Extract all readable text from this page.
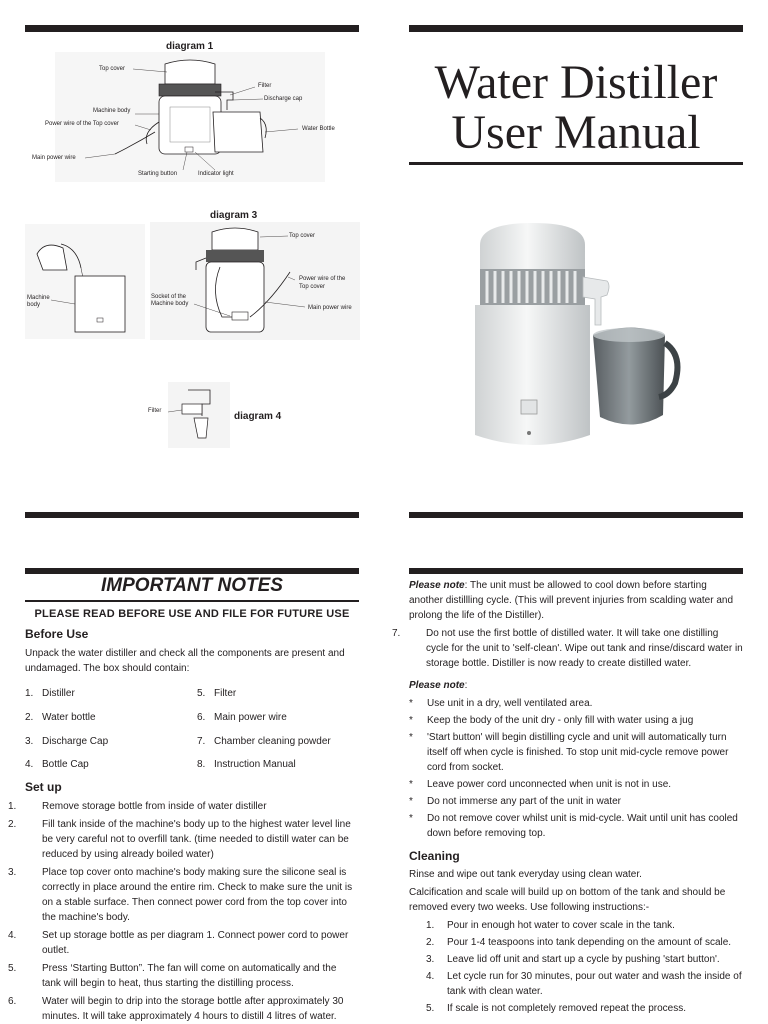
diagram 1
Top cover
Filter
Discharge cap
Machine body
Power wire of the Top cover
Water Bottle
Main power wire
Starting button	Indicator light
diagram 3
Top cover
Power wire of the
Top cover
Socket of the
Machine body
Main power wire
Machine
body
Filter	diagram 4
Water Distiller
User Manual
IMPORTANT NOTES
PLEASE READ BEFORE USE AND FILE FOR FUTURE USE
Before Use
Unpack the water distiller and check all the components are present and undamaged. The box should contain:
1. Distiller
2. Water bottle
3. Discharge Cap
4. Bottle Cap
5. Filter
6. Main power wire
7. Chamber cleaning powder
8. Instruction Manual
Set up
1.	Remove storage bottle from inside of water distiller
2.	Fill tank inside of the machine's body up to the highest water level line be very careful not to overfill tank. (time needed to distill water can be reduced by using already boiled water)
3.	Place top cover onto machine's body making sure the silicone seal is correctly in place around the entire rim. Check to make sure the unit is on a stable surface. Then connect power cord from the top cover into the machine's body.
4.	Set up storage bottle as per diagram 1. Connect power cord to power outlet.
5.	Press ‘Starting Button”. The fan will come on automatically and the tank will begin to heat, thus starting the distilling process.
6.	Water will begin to drip into the storage bottle after approximately 30 minutes. It will take approximately 4 hours to distill 4 litres of water.
Please note: The unit must be allowed to cool down before starting another distillling cycle. (This will prevent injuries from scalding water and prolong the life of the Distiller).
7.	Do not use the first bottle of distilled water. It will take one distilling cycle for the unit to 'self-clean'. Wipe out tank and rinse/discard water in storage bottle. Distiller is now ready to create distilled water.
Please note:
* Use unit in a dry, well ventilated area.
* Keep the body of the unit dry - only fill with water using a jug
* 'Start button' will begin distilling cycle and unit will automatically turn itself off when cycle is finished. To stop unit mid-cycle remove power cord from socket.
* Leave power cord unconnected when unit is not in use.
* Do not immerse any part of the unit in water
* Do not remove cover whilst unit is mid-cycle. Wait until unit has cooled down before removing top.
Cleaning
Rinse and wipe out tank everyday using clean water.
Calcification and scale will build up on bottom of the tank and should be removed every two weeks. Use following instructions:-
1. Pour in enough hot water to cover scale in the tank.
2. Pour 1-4 teaspoons into tank depending on the amount of scale.
3. Leave lid off unit and start up a cycle by pushing 'start button'.
4. Let cycle run for 30 minutes, pour out water and wash the inside of tank with clean water.
5. If scale is not completely removed repeat the process.
